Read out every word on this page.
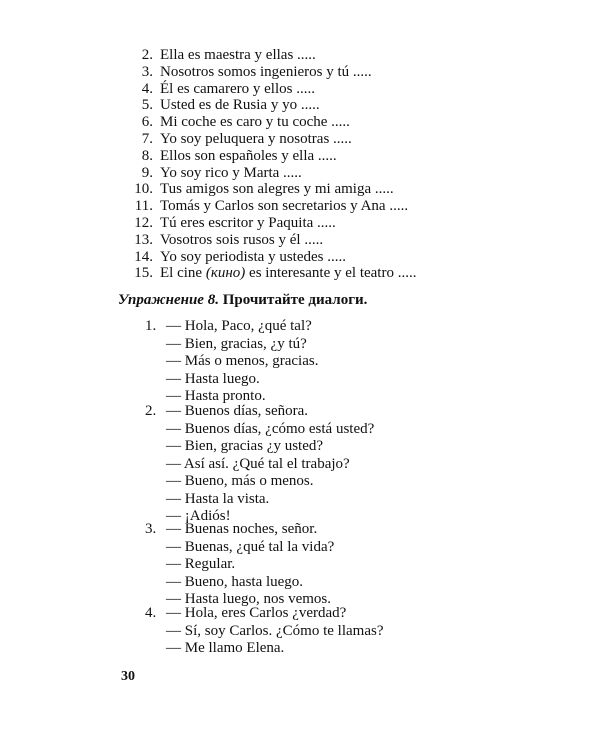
2. Ella es maestra y ellas .....
3. Nosotros somos ingenieros y tú .....
4. Él es camarero y ellos .....
5. Usted es de Rusia y yo .....
6. Mi coche es caro y tu coche .....
7. Yo soy peluquera y nosotras .....
8. Ellos son españoles y ella .....
9. Yo soy rico y Marta .....
10. Tus amigos son alegres y mi amiga .....
11. Tomás y Carlos son secretarios y Ana .....
12. Tú eres escritor y Paquita .....
13. Vosotros sois rusos y él .....
14. Yo soy periodista y ustedes .....
15. El cine (кино) es interesante y el teatro .....
Упражнение 8. Прочитайте диалоги.
1. — Hola, Paco, ¿qué tal?
— Bien, gracias, ¿y tú?
— Más o menos, gracias.
— Hasta luego.
— Hasta pronto.
2. — Buenos días, señora.
— Buenos días, ¿cómo está usted?
— Bien, gracias ¿y usted?
— Así así. ¿Qué tal el trabajo?
— Bueno, más o menos.
— Hasta la vista.
— ¡Adiós!
3. — Buenas noches, señor.
— Buenas, ¿qué tal la vida?
— Regular.
— Bueno, hasta luego.
— Hasta luego, nos vemos.
4. — Hola, eres Carlos ¿verdad?
— Sí, soy Carlos. ¿Cómo te llamas?
— Me llamo Elena.
30
